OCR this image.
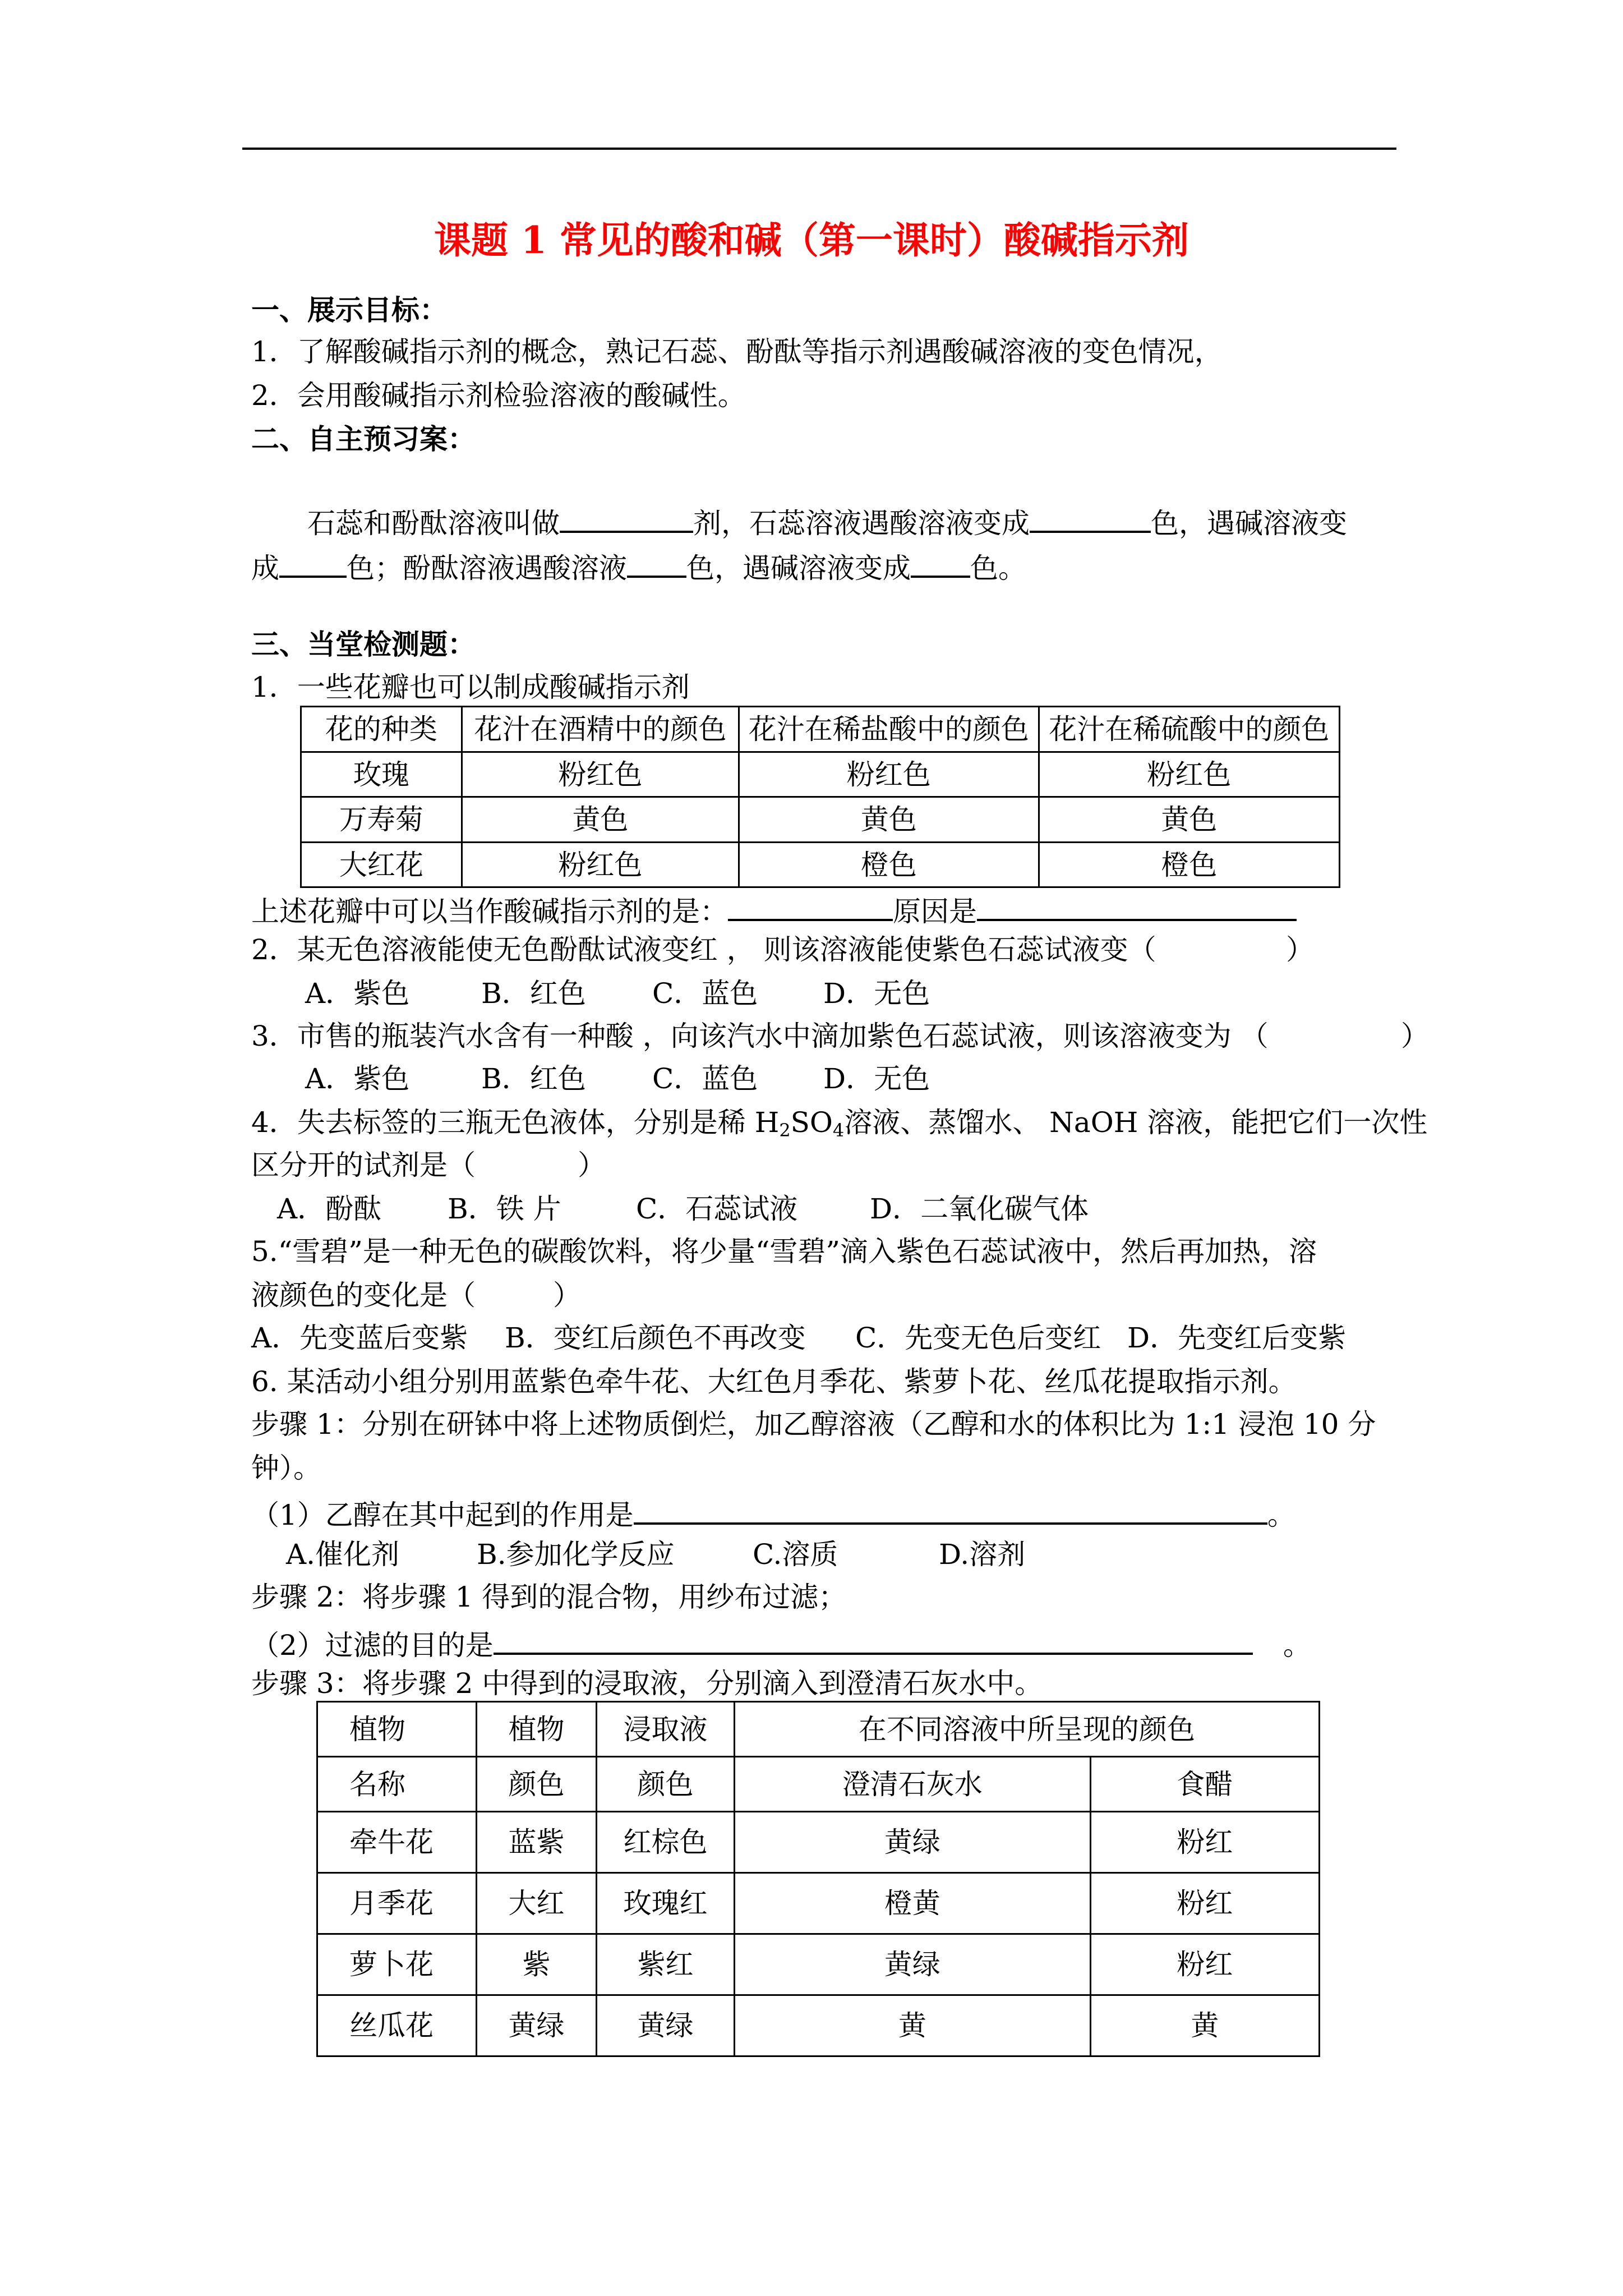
课题 1 常见的酸和碱（第一课时）酸碱指示剂
一、展示目标：
1．了解酸碱指示剂的概念，熟记石蕊、酚酞等指示剂遇酸碱溶液的变色情况，
2．会用酸碱指示剂检验溶液的酸碱性。
二、自主预习案：
石蕊和酚酞溶液叫做	剂，石蕊溶液遇酸溶液变成	色，遇碱溶液变
成 色；酚酞溶液遇酸溶液 色，遇碱溶液变成 色。
三、当堂检测题：
1．一些花瓣也可以制成酸碱指示剂
花的种类	花汁在酒精中的颜色	花汁在稀盐酸中的颜色	花汁在稀硫酸中的颜色
玫瑰	粉红色	粉红色	粉红色
万寿菊	黄色	黄色	黄色
大红花	粉红色	橙色	橙色
上述花瓣中可以当作酸碱指示剂的是：	原因是
2．某无色溶液能使无色酚酞试液变红 ， 则该溶液能使紫色石蕊试液变（	）
A．紫色	B．红色 C．蓝色 D．无色
3．市售的瓶装汽水含有一种酸 ，向该汽水中滴加紫色石蕊试液，则该溶液变为 （	）
A．紫色	B．红色 C．蓝色 D．无色
4．失去标签的三瓶无色液体，分别是稀 $H_2SO_4$溶液、蒸馏水、 NaOH 溶液，能把它们一次性
区分开的试剂是（	）
A．酚酞 B．铁 片	C．石蕊试液	D．二氧化碳气体
5.“雪碧”是一种无色的碳酸饮料，将少量“雪碧”滴入紫色石蕊试液中，然后再加热，溶
液颜色的变化是（	）
A．先变蓝后变紫 B．变红后颜色不再改变 C．先变无色后变红 D．先变红后变紫
6. 某活动小组分别用蓝紫色牵牛花、大红色月季花、紫萝卜花、丝瓜花提取指示剂。
步骤 1：分别在研钵中将上述物质倒烂，加乙醇溶液（乙醇和水的体积比为 1:1 浸泡 10 分
钟）。
（1）乙醇在其中起到的作用是	。
A.催化剂	B.参加化学反应	C.溶质	D.溶剂
步骤 2：将步骤 1 得到的混合物，用纱布过滤；
（2）过滤的目的是	。
步骤 3：将步骤 2 中得到的浸取液，分别滴入到澄清石灰水中。
植物	植物	浸取液	在不同溶液中所呈现的颜色	
名称	颜色	颜色	澄清石灰水	食醋
牵牛花	蓝紫	红棕色	黄绿	粉红
月季花	大红	玫瑰红	橙黄	粉红
萝卜花	紫	紫红	黄绿	粉红
丝瓜花	黄绿	黄绿	黄	黄
